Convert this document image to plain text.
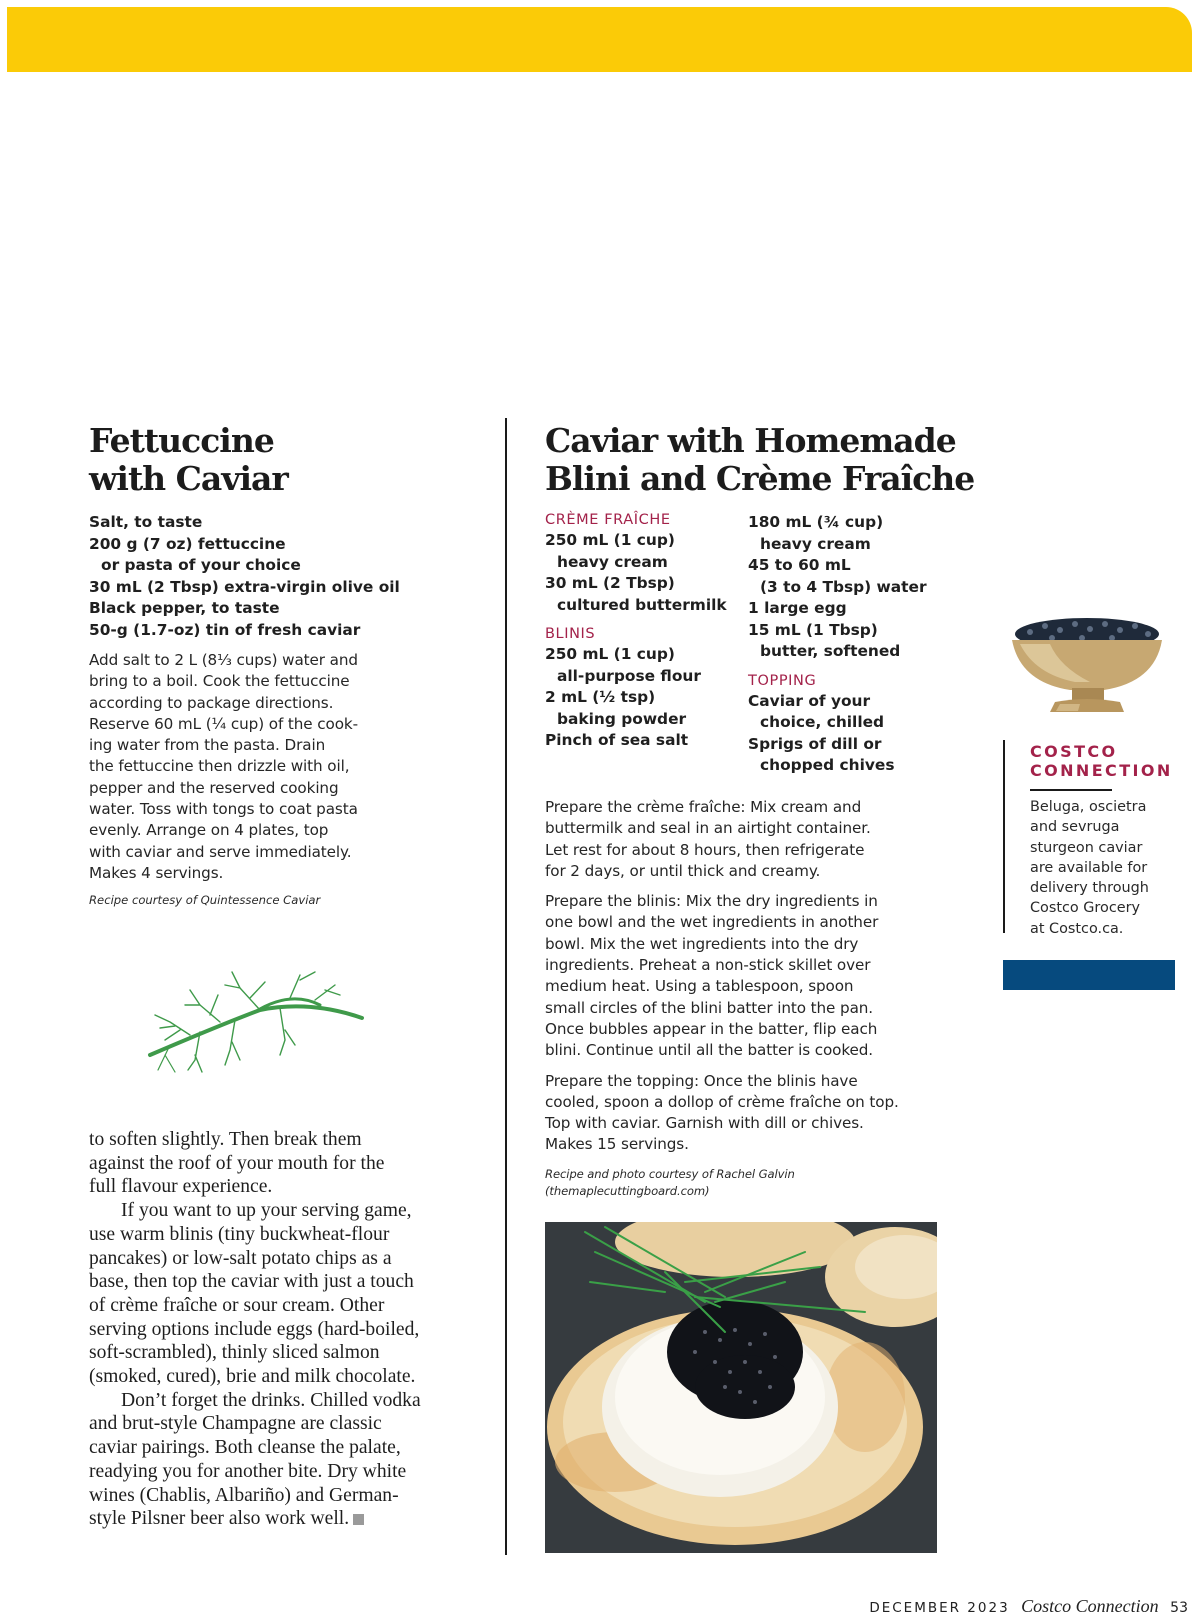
Fettuccine
with Caviar
Salt, to taste
200 g (7 oz) fettuccine
or pasta of your choice
30 mL (2 Tbsp) extra-virgin olive oil
Black pepper, to taste
50-g (1.7-oz) tin of fresh caviar
Add salt to 2 L (8⅓ cups) water and
bring to a boil. Cook the fettuccine
according to package directions.
Reserve 60 mL (¼ cup) of the cook-
ing water from the pasta. Drain
the fettuccine then drizzle with oil,
pepper and the reserved cooking
water. Toss with tongs to coat pasta
evenly. Arrange on 4 plates, top
with caviar and serve immediately.
Makes 4 servings.
Recipe courtesy of Quintessence Caviar

to soften slightly. Then break them
against the roof of your mouth for the
full flavour experience.

If you want to up your serving game,
use warm blinis (tiny buckwheat-flour
pancakes) or low-salt potato chips as a
base, then top the caviar with just a touch
of crème fraîche or sour cream. Other
serving options include eggs (hard-boiled,
soft-scrambled), thinly sliced salmon
(smoked, cured), brie and milk chocolate.

Don’t forget the drinks. Chilled vodka
and brut-style Champagne are classic
caviar pairings. Both cleanse the palate,
readying you for another bite. Dry white
wines (Chablis, Albariño) and German-
style Pilsner beer also work well.

Caviar with Homemade
Blini and Crème Fraîche
CRÈME FRAÎCHE
250 mL (1 cup)
heavy cream
30 mL (2 Tbsp)
cultured buttermilk
BLINIS
250 mL (1 cup)
all-purpose flour
2 mL (½ tsp)
baking powder
Pinch of sea salt
180 mL (¾ cup)
heavy cream
45 to 60 mL
(3 to 4 Tbsp) water
1 large egg
15 mL (1 Tbsp)
butter, softened
TOPPING
Caviar of your
choice, chilled
Sprigs of dill or
chopped chives
Prepare the crème fraîche: Mix cream and
buttermilk and seal in an airtight container.
Let rest for about 8 hours, then refrigerate
for 2 days, or until thick and creamy.
Prepare the blinis: Mix the dry ingredients in
one bowl and the wet ingredients in another
bowl. Mix the wet ingredients into the dry
ingredients. Preheat a non-stick skillet over
medium heat. Using a tablespoon, spoon
small circles of the blini batter into the pan.
Once bubbles appear in the batter, flip each
blini. Continue until all the batter is cooked.
Prepare the topping: Once the blinis have
cooled, spoon a dollop of crème fraîche on top.
Top with caviar. Garnish with dill or chives.
Makes 15 servings.
Recipe and photo courtesy of Rachel Galvin
(themaplecuttingboard.com)
COSTCO
CONNECTION
Beluga, oscietra
and sevruga
sturgeon caviar
are available for
delivery through
Costco Grocery
at Costco.ca.
DECEMBER 2023 Costco Connection 53
